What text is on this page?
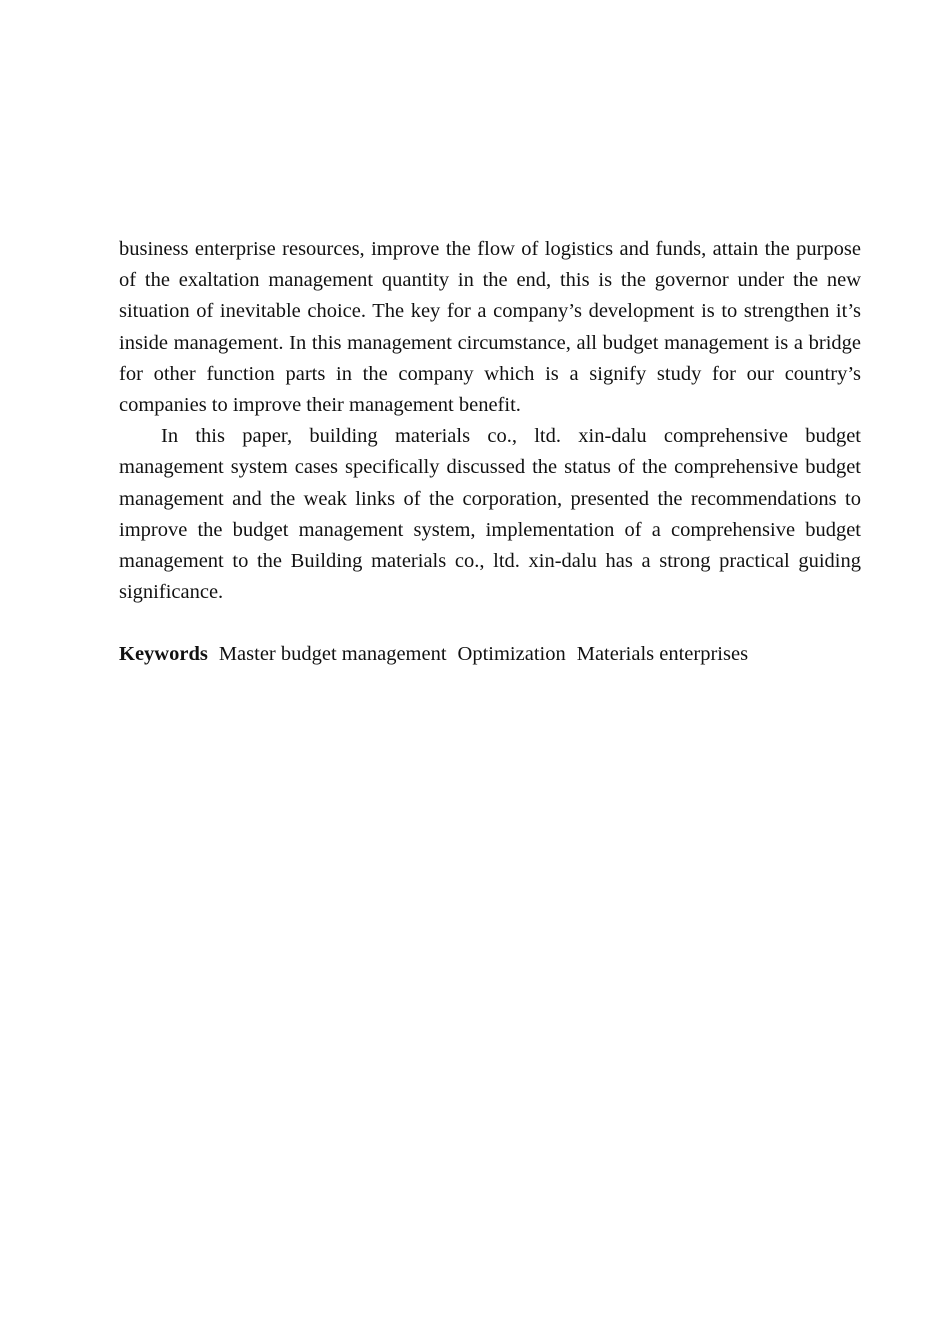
business enterprise resources, improve the flow of logistics and funds, attain the purpose of the exaltation management quantity in the end, this is the governor under the new situation of inevitable choice. The key for a company’s development is to strengthen it’s inside management. In this management circumstance, all budget management is a bridge for other function parts in the company which is a signify study for our country’s companies to improve their management benefit.

In this paper, building materials co., ltd. xin-dalu comprehensive budget management system cases specifically discussed the status of the comprehensive budget management and the weak links of the corporation, presented the recommendations to improve the budget management system, implementation of a comprehensive budget management to the Building materials co., ltd. xin-dalu has a strong practical guiding significance.

Keywords Master budget management Optimization Materials enterprises
